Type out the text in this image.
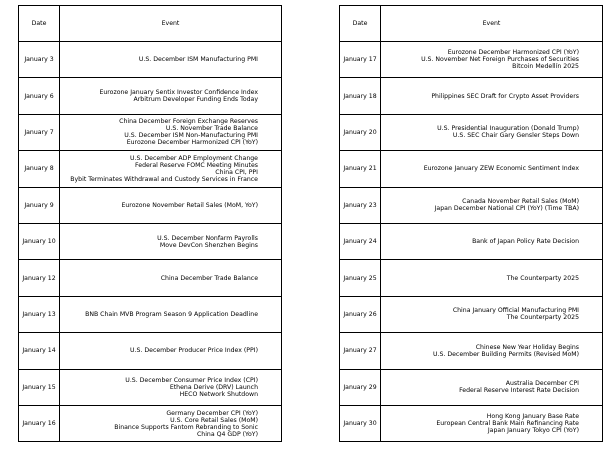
Date	Event
January 3	U.S. December ISM Manufacturing PMI

January 6	Eurozone January Sentix Investor Confidence Index
Arbitrum Developer Funding Ends Today

January 7	China December Foreign Exchange Reserves
U.S. November Trade Balance
U.S. December ISM Non-Manufacturing PMI
Eurozone December Harmonized CPI (YoY)

January 8	U.S. December ADP Employment Change
Federal Reserve FOMC Meeting Minutes
China CPI, PPI
Bybit Terminates Withdrawal and Custody Services in France

January 9	Eurozone November Retail Sales (MoM, YoY)

January 10	U.S. December Nonfarm Payrolls
Move DevCon Shenzhen Begins

January 12	China December Trade Balance

January 13	BNB Chain MVB Program Season 9 Application Deadline

January 14	U.S. December Producer Price Index (PPI)

January 15	U.S. December Consumer Price Index (CPI)
Ethena Derive (DRV) Launch
HECO Network Shutdown

January 16	Germany December CPI (YoY)
U.S. Core Retail Sales (MoM)
Binance Supports Fantom Rebranding to Sonic
China Q4 GDP (YoY)
Date	Event
January 17	Eurozone December Harmonized CPI (YoY)
U.S. November Net Foreign Purchases of Securities
Bitcoin Medellín 2025

January 18	Philippines SEC Draft for Crypto Asset Providers

January 20	U.S. Presidential Inauguration (Donald Trump)
U.S. SEC Chair Gary Gensler Steps Down

January 21	Eurozone January ZEW Economic Sentiment Index

January 23	Canada November Retail Sales (MoM)
Japan December National CPI (YoY) (Time TBA)

January 24	Bank of Japan Policy Rate Decision

January 25	The Counterparty 2025

January 26	China January Official Manufacturing PMI
The Counterparty 2025

January 27	Chinese New Year Holiday Begins
U.S. December Building Permits (Revised MoM)

January 29	Australia December CPI
Federal Reserve Interest Rate Decision

January 30	Hong Kong January Base Rate
European Central Bank Main Refinancing Rate
Japan January Tokyo CPI (YoY)
